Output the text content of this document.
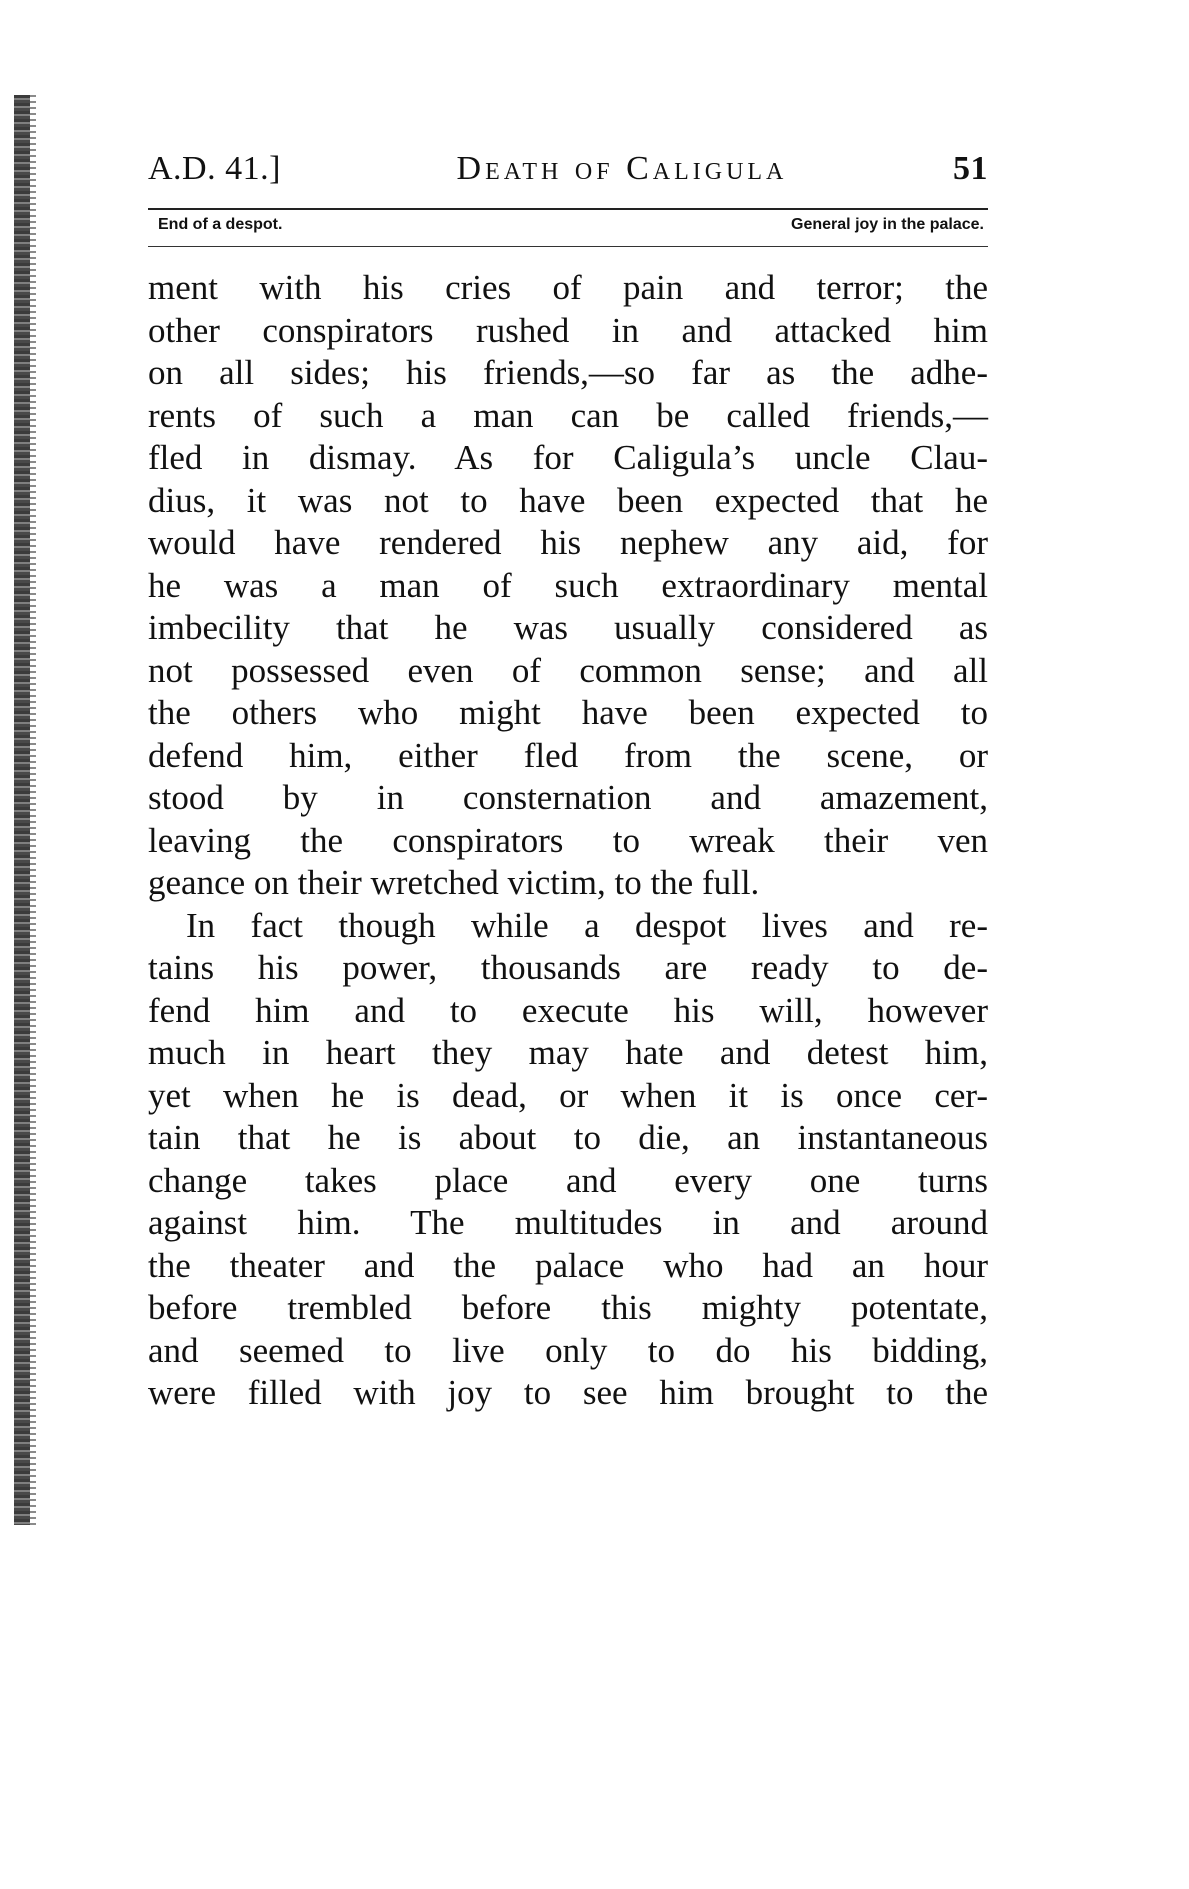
A.D. 41.]	Death of Caligula	51
End of a despot.	General joy in the palace.
ment with his cries of pain and terror; the
other conspirators rushed in and attacked him
on all sides; his friends,—so far as the adhe-
rents of such a man can be called friends,—
fled in dismay. As for Caligula’s uncle Clau-
dius, it was not to have been expected that he
would have rendered his nephew any aid, for
he was a man of such extraordinary mental
imbecility that he was usually considered as
not possessed even of common sense; and all
the others who might have been expected to
defend him, either fled from the scene, or
stood by in consternation and amazement,
leaving the conspirators to wreak their ven
geance on their wretched victim, to the full.
In fact though while a despot lives and re-
tains his power, thousands are ready to de-
fend him and to execute his will, however
much in heart they may hate and detest him,
yet when he is dead, or when it is once cer-
tain that he is about to die, an instantaneous
change takes place and every one turns
against him. The multitudes in and around
the theater and the palace who had an hour
before trembled before this mighty potentate,
and seemed to live only to do his bidding,
were filled with joy to see him brought to the
